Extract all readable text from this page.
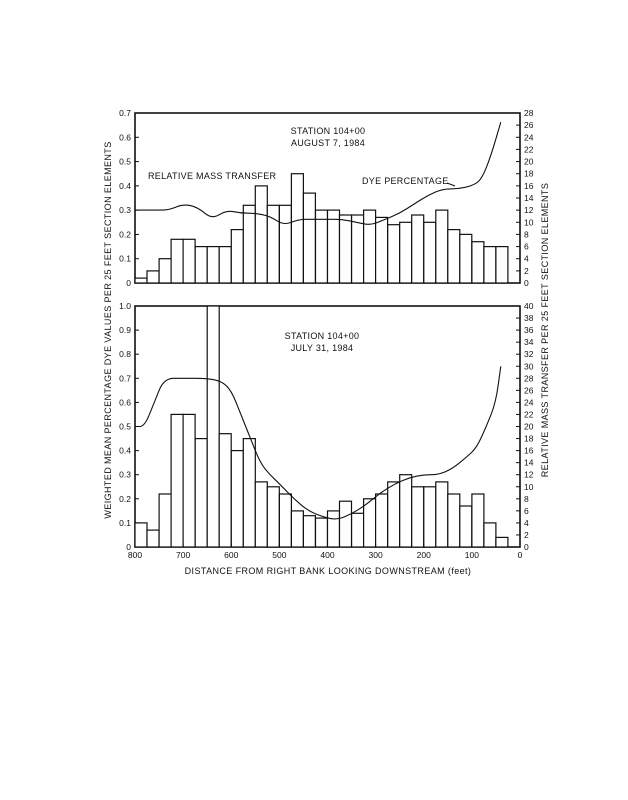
0
0.1
0.2
0.3
0.4
0.5
0.6
0.7
0
2
4
6
8
10
12
14
16
18
20
22
24
26
28
STATION 104+00
AUGUST 7, 1984
RELATIVE MASS TRANSFER	DYE PERCENTAGE
0
0.1
0.2
0.3
0.4
0.5
0.6
0.7
0.8
0.9
1.0
0
2
4
6
8
10
12
14
16
18
20
22
24
26
28
30
32
34
36
38
40
800	700	600	500	400	300	200	100	0
STATION 104+00
JULY 31, 1984
DISTANCE FROM RIGHT BANK LOOKING DOWNSTREAM (feet)
WEIGHTED MEAN PERCENTAGE DYE VALUES PER 25 FEET SECTION ELEMENTS	RELATIVE MASS TRANSFER PER 25 FEET SECTION ELEMENTS
